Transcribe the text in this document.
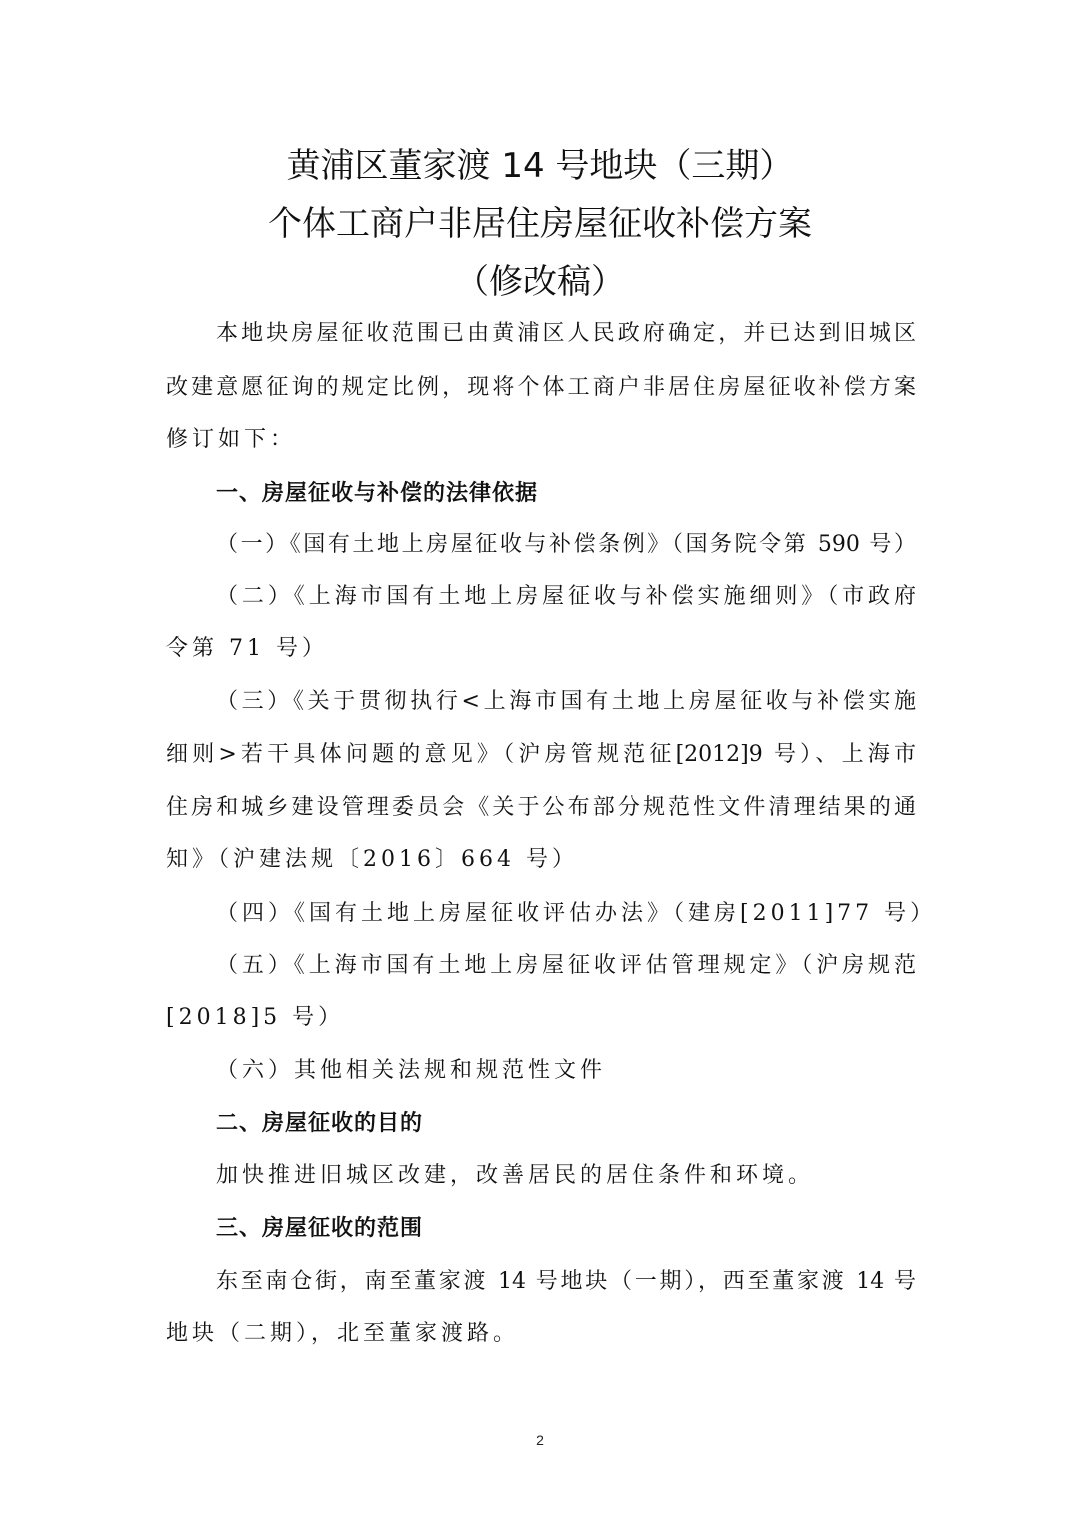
黄浦区董家渡 14 号地块（三期）
个体工商户非居住房屋征收补偿方案
（修改稿）
本地块房屋征收范围已由黄浦区人民政府确定，并已达到旧城区
改建意愿征询的规定比例，现将个体工商户非居住房屋征收补偿方案
修订如下：
一、房屋征收与补偿的法律依据
（一）《国有土地上房屋征收与补偿条例》（国务院令第 590 号）
（二）《上海市国有土地上房屋征收与补偿实施细则》（市政府
令第 71 号）
（三）《关于贯彻执行<上海市国有土地上房屋征收与补偿实施
细则>若干具体问题的意见》（沪房管规范征[2012]9 号）、上海市
住房和城乡建设管理委员会《关于公布部分规范性文件清理结果的通
知》（沪建法规〔2016〕664 号）
（四）《国有土地上房屋征收评估办法》（建房[2011]77 号）
（五）《上海市国有土地上房屋征收评估管理规定》（沪房规范
[2018]5 号）
（六）其他相关法规和规范性文件
二、房屋征收的目的
加快推进旧城区改建，改善居民的居住条件和环境。
三、房屋征收的范围
东至南仓街，南至董家渡 14 号地块（一期），西至董家渡 14 号
地块（二期），北至董家渡路。
2
